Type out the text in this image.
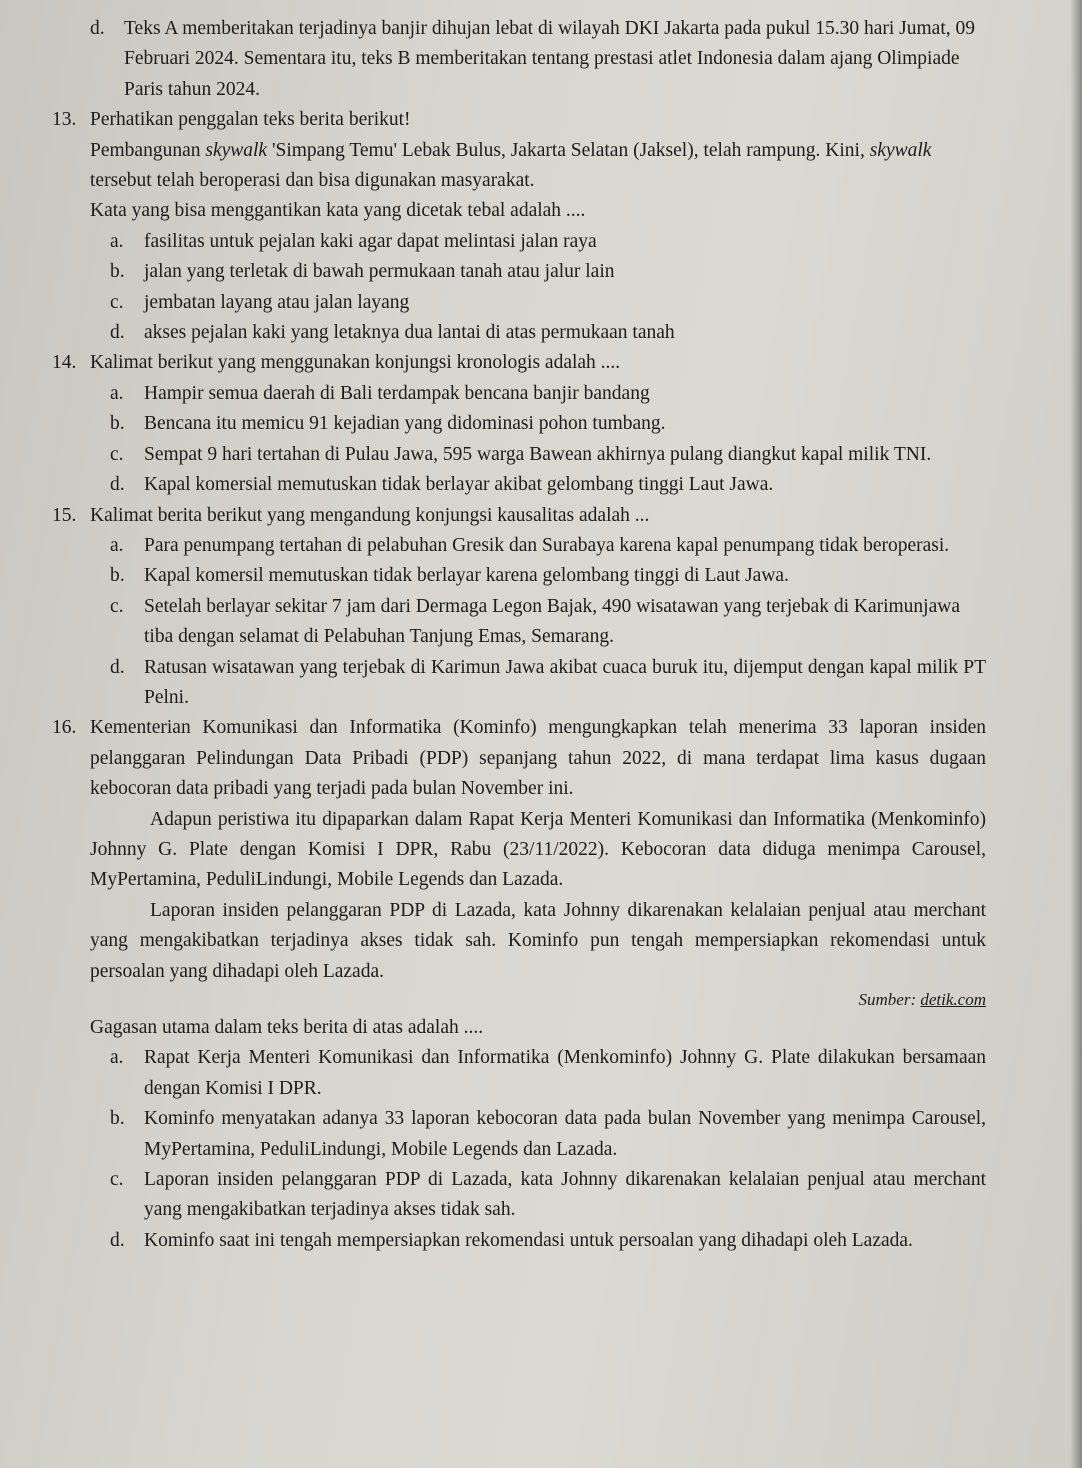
d. Teks A memberitakan terjadinya banjir dihujan lebat di wilayah DKI Jakarta pada pukul 15.30 hari Jumat, 09 Februari 2024. Sementara itu, teks B memberitakan tentang prestasi atlet Indonesia dalam ajang Olimpiade Paris tahun 2024.
13. Perhatikan penggalan teks berita berikut!
Pembangunan skywalk 'Simpang Temu' Lebak Bulus, Jakarta Selatan (Jaksel), telah rampung. Kini, skywalk tersebut telah beroperasi dan bisa digunakan masyarakat.
Kata yang bisa menggantikan kata yang dicetak tebal adalah ....
a.	fasilitas untuk pejalan kaki agar dapat melintasi jalan raya
b. jalan yang terletak di bawah permukaan tanah atau jalur lain
c.	jembatan layang atau jalan layang
d. akses pejalan kaki yang letaknya dua lantai di atas permukaan tanah
14. Kalimat berikut yang menggunakan konjungsi kronologis adalah ....
a.	Hampir semua daerah di Bali terdampak bencana banjir bandang
b. Bencana itu memicu 91 kejadian yang didominasi pohon tumbang.
c.	Sempat 9 hari tertahan di Pulau Jawa, 595 warga Bawean akhirnya pulang diangkut kapal milik TNI.
d. Kapal komersial memutuskan tidak berlayar akibat gelombang tinggi Laut Jawa.
15. Kalimat berita berikut yang mengandung konjungsi kausalitas adalah ...
a.	Para penumpang tertahan di pelabuhan Gresik dan Surabaya karena kapal penumpang tidak beroperasi.
b. Kapal komersil memutuskan tidak berlayar karena gelombang tinggi di Laut Jawa.
c.	Setelah berlayar sekitar 7 jam dari Dermaga Legon Bajak, 490 wisatawan yang terjebak di Karimunjawa tiba dengan selamat di Pelabuhan Tanjung Emas, Semarang.
d. Ratusan wisatawan yang terjebak di Karimun Jawa akibat cuaca buruk itu, dijemput dengan kapal milik PT Pelni.
16. Kementerian Komunikasi dan Informatika (Kominfo) mengungkapkan telah menerima 33 laporan insiden pelanggaran Pelindungan Data Pribadi (PDP) sepanjang tahun 2022, di mana terdapat lima kasus dugaan kebocoran data pribadi yang terjadi pada bulan November ini.
Adapun peristiwa itu dipaparkan dalam Rapat Kerja Menteri Komunikasi dan Informatika (Menkominfo) Johnny G. Plate dengan Komisi I DPR, Rabu (23/11/2022). Kebocoran data diduga menimpa Carousel, MyPertamina, PeduliLindungi, Mobile Legends dan Lazada.
Laporan insiden pelanggaran PDP di Lazada, kata Johnny dikarenakan kelalaian penjual atau merchant yang mengakibatkan terjadinya akses tidak sah. Kominfo pun tengah mempersiapkan rekomendasi untuk persoalan yang dihadapi oleh Lazada.
Sumber: detik.com
Gagasan utama dalam teks berita di atas adalah ....
a.	Rapat Kerja Menteri Komunikasi dan Informatika (Menkominfo) Johnny G. Plate dilakukan bersamaan dengan Komisi I DPR.
b. Kominfo menyatakan adanya 33 laporan kebocoran data pada bulan November yang menimpa Carousel, MyPertamina, PeduliLindungi, Mobile Legends dan Lazada.
c.	Laporan insiden pelanggaran PDP di Lazada, kata Johnny dikarenakan kelalaian penjual atau merchant yang mengakibatkan terjadinya akses tidak sah.
d. Kominfo saat ini tengah mempersiapkan rekomendasi untuk persoalan yang dihadapi oleh Lazada.
